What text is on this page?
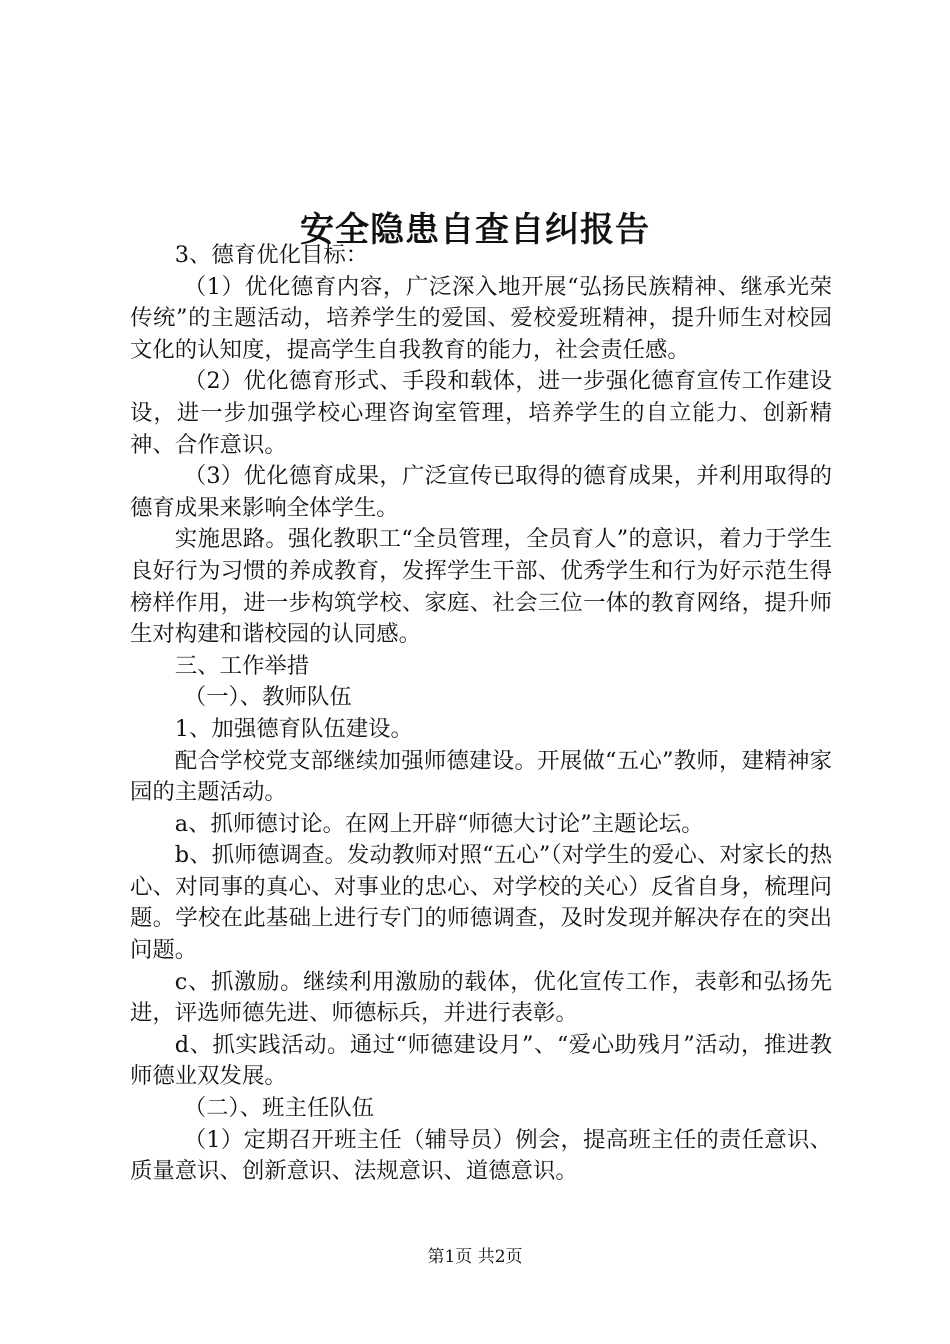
安全隐患自查自纠报告

3、德育优化目标：

（1）优化德育内容，广泛深入地开展“弘扬民族精神、继承光荣传统”的主题活动，培养学生的爱国、爱校爱班精神，提升师生对校园文化的认知度，提高学生自我教育的能力，社会责任感。

（2）优化德育形式、手段和载体，进一步强化德育宣传工作建设设，进一步加强学校心理咨询室管理，培养学生的自立能力、创新精神、合作意识。

（3）优化德育成果，广泛宣传已取得的德育成果，并利用取得的德育成果来影响全体学生。

实施思路。强化教职工“全员管理，全员育人”的意识，着力于学生良好行为习惯的养成教育，发挥学生干部、优秀学生和行为好示范生得榜样作用，进一步构筑学校、家庭、社会三位一体的教育网络，提升师生对构建和谐校园的认同感。

三、工作举措

（一）、教师队伍

1、加强德育队伍建设。

配合学校党支部继续加强师德建设。开展做“五心”教师，建精神家园的主题活动。

a、抓师德讨论。在网上开辟“师德大讨论”主题论坛。

b、抓师德调查。发动教师对照“五心”（对学生的爱心、对家长的热心、对同事的真心、对事业的忠心、对学校的关心）反省自身，梳理问题。学校在此基础上进行专门的师德调查，及时发现并解决存在的突出问题。

c、抓激励。继续利用激励的载体，优化宣传工作，表彰和弘扬先进，评选师德先进、师德标兵，并进行表彰。

d、抓实践活动。通过“师德建设月”、“爱心助残月”活动，推进教师德业双发展。

（二）、班主任队伍

（1）定期召开班主任（辅导员）例会，提高班主任的责任意识、质量意识、创新意识、法规意识、道德意识。

第1页 共2页
